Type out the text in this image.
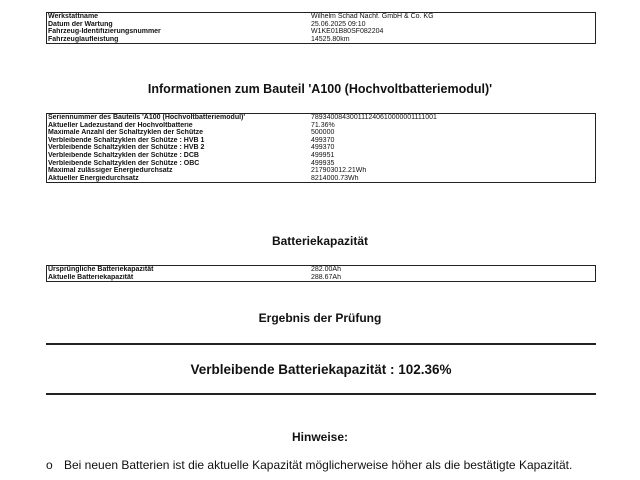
Werkstattname	Wilhelm Schad Nachf. GmbH & Co. KG
Datum der Wartung	25.06.2025 09:10
Fahrzeug-Identifizierungsnummer	W1KE01B80SF082204
Fahrzeuglaufleistung	14525.80km
Informationen zum Bauteil 'A100 (Hochvoltbatteriemodul)'
Seriennummer des Bauteils 'A100 (Hochvoltbatteriemodul)'	789340084300111240610000001111001
Aktueller Ladezustand der Hochvoltbatterie	71.36%
Maximale Anzahl der Schaltzyklen der Schütze	500000
Verbleibende Schaltzyklen der Schütze : HVB 1	499370
Verbleibende Schaltzyklen der Schütze : HVB 2	499370
Verbleibende Schaltzyklen der Schütze : DCB	499951
Verbleibende Schaltzyklen der Schütze : OBC	499935
Maximal zulässiger Energiedurchsatz	217903012.21Wh
Aktueller Energiedurchsatz	8214000.73Wh
Batteriekapazität
Ursprüngliche Batteriekapazität	282.00Ah
Aktuelle Batteriekapazität	288.67Ah
Ergebnis der Prüfung
Verbleibende Batteriekapazität : 102.36%
Hinweise:
o Bei neuen Batterien ist die aktuelle Kapazität möglicherweise höher als die bestätigte Kapazität.
